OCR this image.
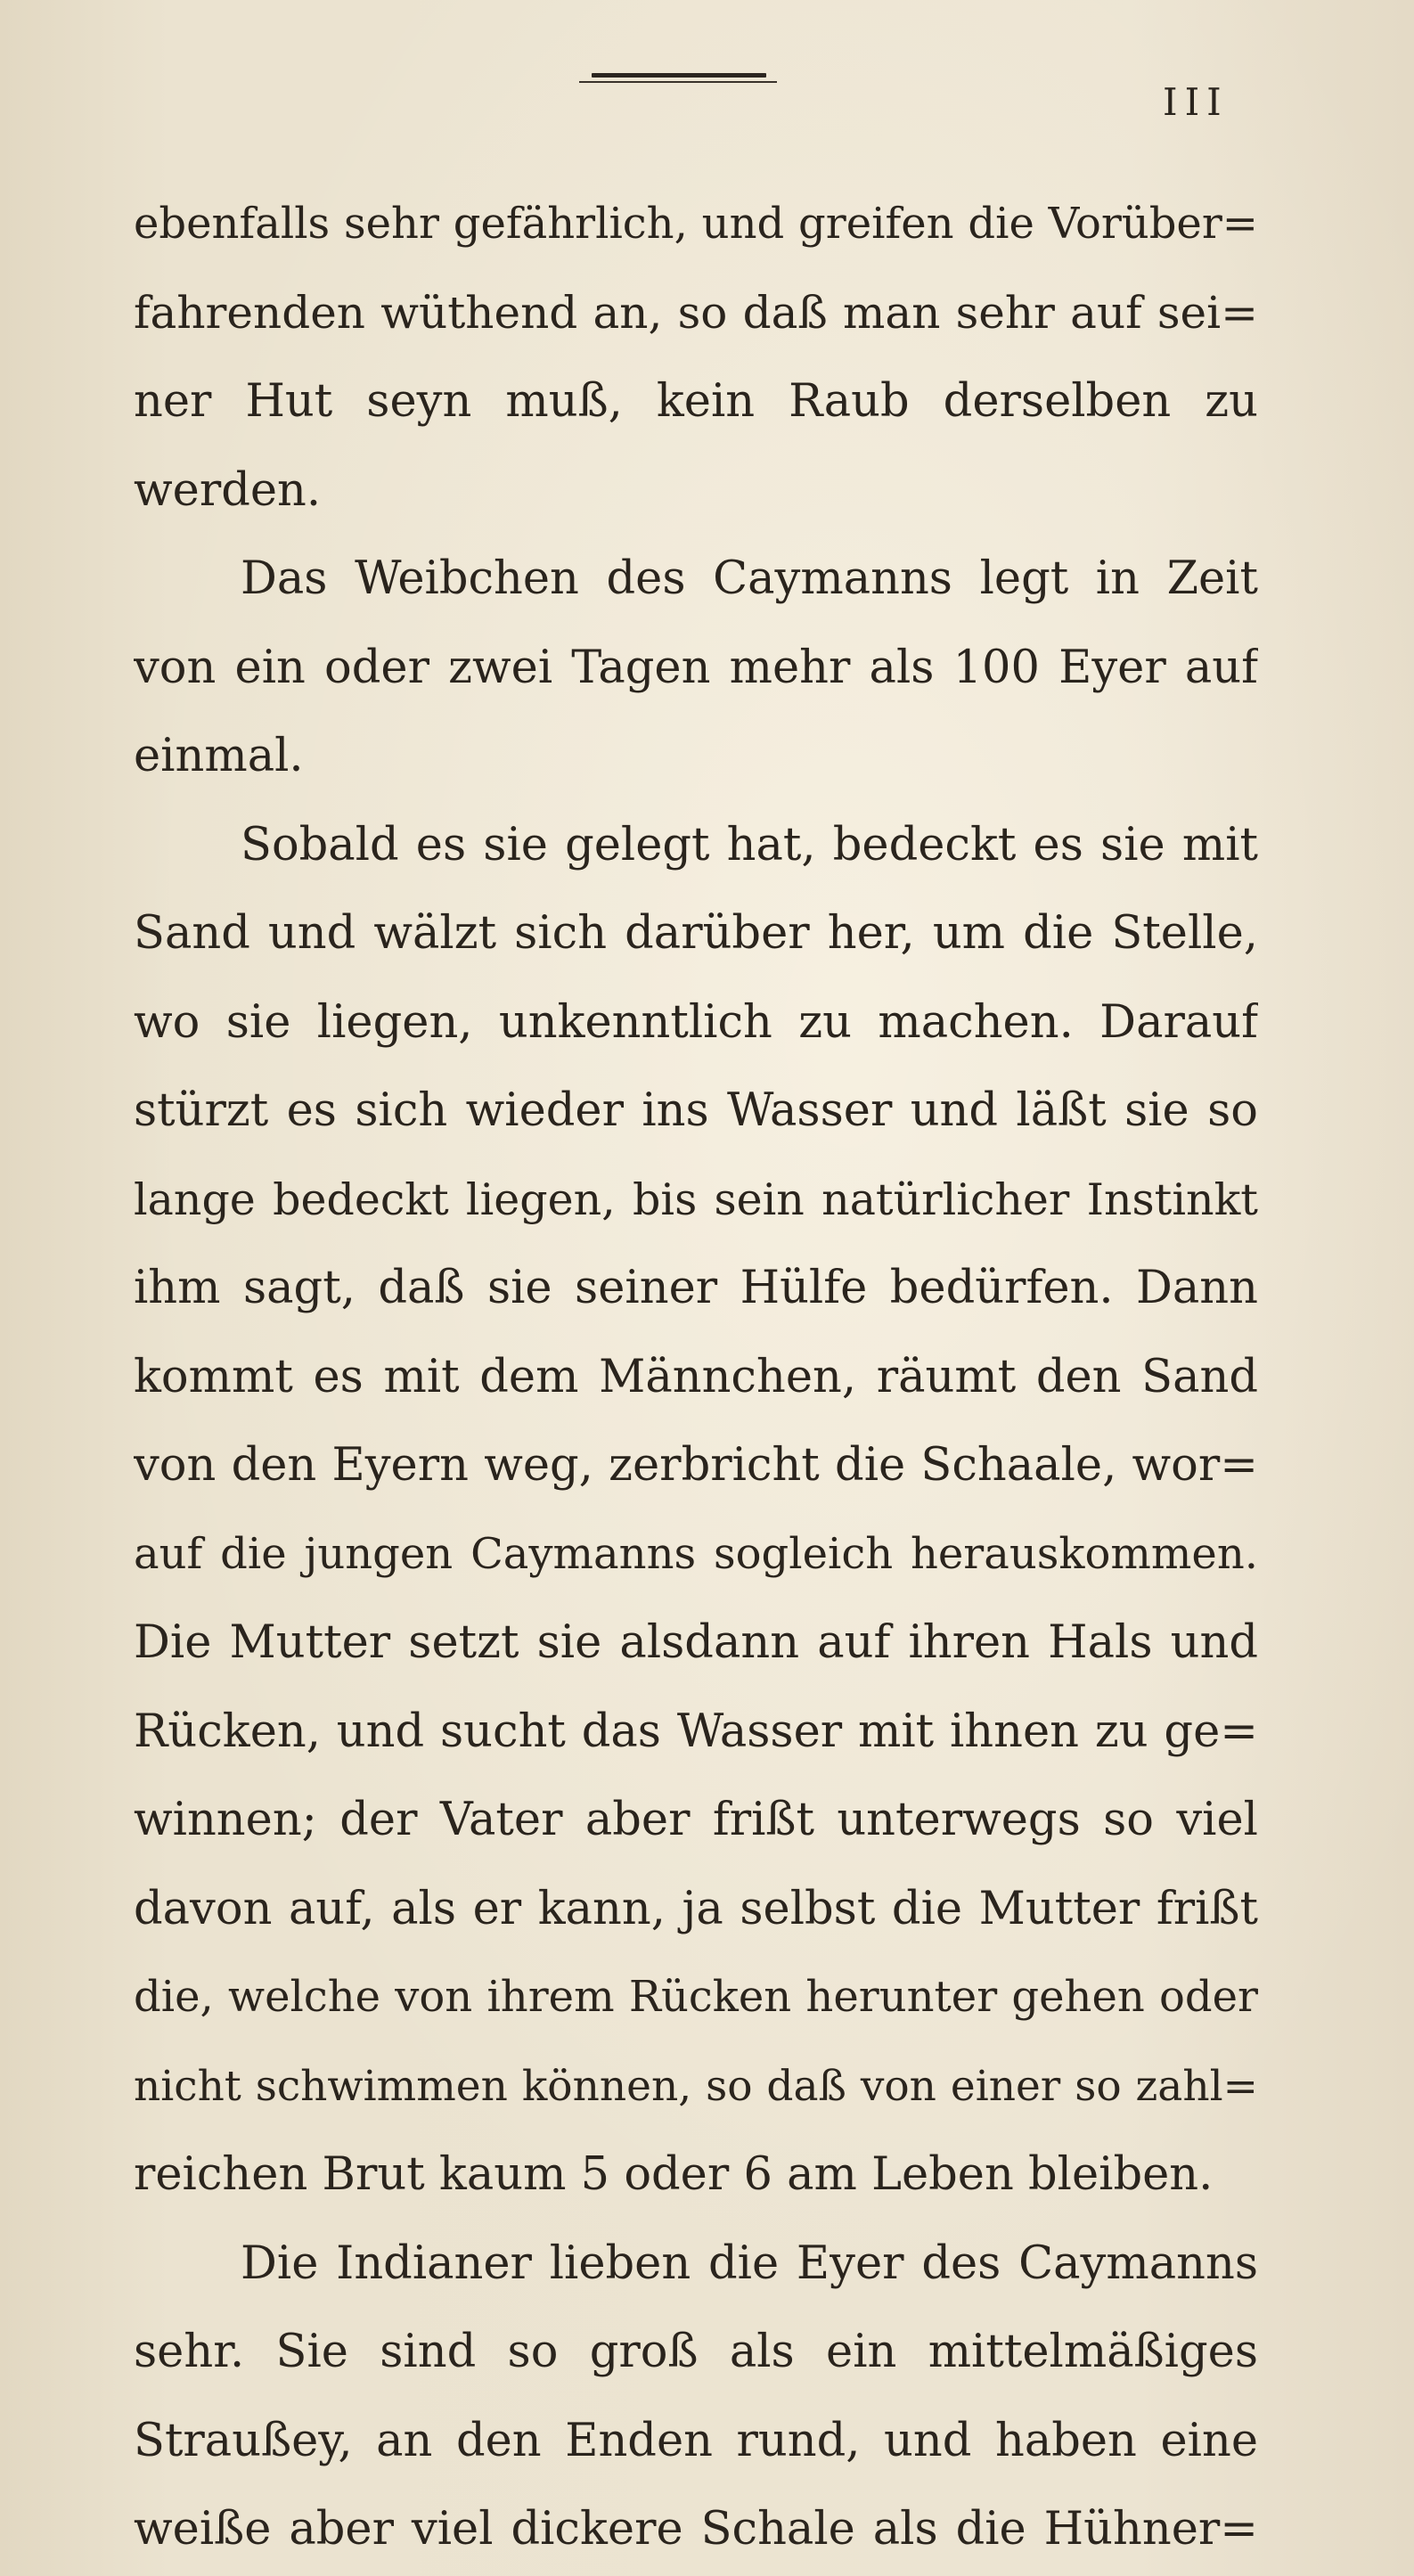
III
ebenfalls sehr gefährlich, und greifen die Vorüber=
fahrenden wüthend an, so daß man sehr auf sei=
ner Hut seyn muß, kein Raub derselben zu
werden.
Das Weibchen des Caymanns legt in Zeit
von ein oder zwei Tagen mehr als 100 Eyer auf
einmal.
Sobald es sie gelegt hat, bedeckt es sie mit
Sand und wälzt sich darüber her, um die Stelle,
wo sie liegen, unkenntlich zu machen. Darauf
stürzt es sich wieder ins Wasser und läßt sie so
lange bedeckt liegen, bis sein natürlicher Instinkt
ihm sagt, daß sie seiner Hülfe bedürfen. Dann
kommt es mit dem Männchen, räumt den Sand
von den Eyern weg, zerbricht die Schaale, wor=
auf die jungen Caymanns sogleich herauskommen.
Die Mutter setzt sie alsdann auf ihren Hals und
Rücken, und sucht das Wasser mit ihnen zu ge=
winnen; der Vater aber frißt unterwegs so viel
davon auf, als er kann, ja selbst die Mutter frißt
die, welche von ihrem Rücken herunter gehen oder
nicht schwimmen können, so daß von einer so zahl=
reichen Brut kaum 5 oder 6 am Leben bleiben.
Die Indianer lieben die Eyer des Caymanns
sehr. Sie sind so groß als ein mittelmäßiges
Straußey, an den Enden rund, und haben eine
weiße aber viel dickere Schale als die Hühner=
